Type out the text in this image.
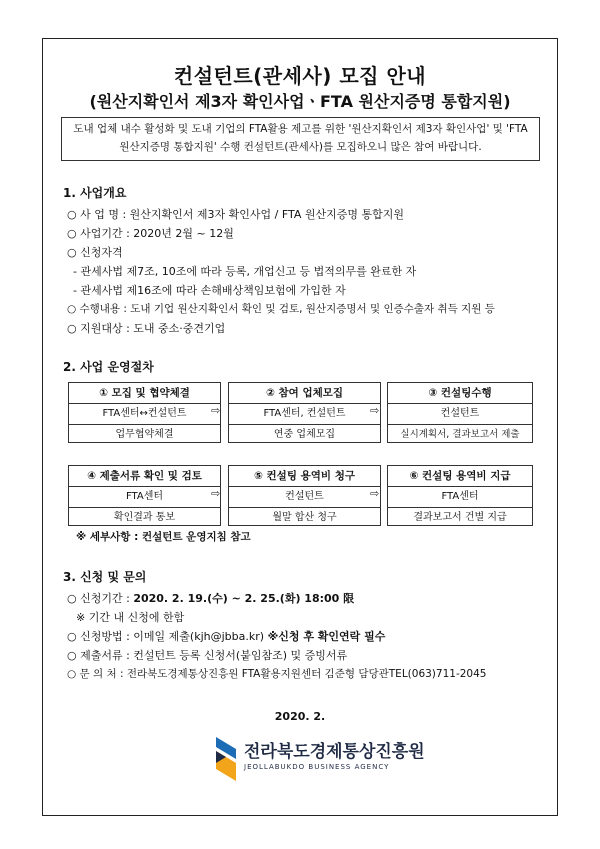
컨설턴트(관세사) 모집 안내
(원산지확인서 제3자 확인사업ㆍFTA 원산지증명 통합지원)
도내 업체 내수 활성화 및 도내 기업의 FTA활용 제고를 위한 '원산지확인서 제3자 확인사업' 및 'FTA 원산지증명 통합지원' 수행 컨설턴트(관세사)를 모집하오니 많은 참여 바랍니다.
1. 사업개요
○ 사 업 명 : 원산지확인서 제3자 확인사업 / FTA 원산지증명 통합지원
○ 사업기간 : 2020년 2월 ~ 12월
○ 신청자격
- 관세사법 제7조, 10조에 따라 등록, 개업신고 등 법적의무를 완료한 자
- 관세사법 제16조에 따라 손해배상책임보험에 가입한 자
○ 수행내용 : 도내 기업 원산지확인서 확인 및 검토, 원산지증명서 및 인증수출자 취득 지원 등
○ 지원대상 : 도내 중소·중견기업
2. 사업 운영절차
① 모집 및 협약체결
FTA센터↔컨설턴트
업무협약체결
⇨
② 참여 업체모집
FTA센터, 컨설턴트
연중 업체모집
⇨
③ 컨설팅수행
컨설턴트
실시계획서, 결과보고서 제출
④ 제출서류 확인 및 검토
FTA센터
확인결과 통보
⇨
⑤ 컨설팅 용역비 청구
컨설턴트
월말 합산 청구
⇨
⑥ 컨설팅 용역비 지급
FTA센터
결과보고서 건별 지급
※ 세부사항 : 컨설턴트 운영지침 참고
3. 신청 및 문의
○ 신청기간 : 2020. 2. 19.(수) ~ 2. 25.(화) 18:00 限
※ 기간 내 신청에 한함
○ 신청방법 : 이메일 제출(kjh@jbba.kr) ※신청 후 확인연락 필수
○ 제출서류 : 컨설턴트 등록 신청서(붙임참조) 및 증빙서류
○ 문 의 처 : 전라북도경제통상진흥원 FTA활용지원센터 김준형 담당관TEL(063)711-2045
2020. 2.
전라북도경제통상진흥원
JEOLLABUKDO BUSINESS AGENCY
